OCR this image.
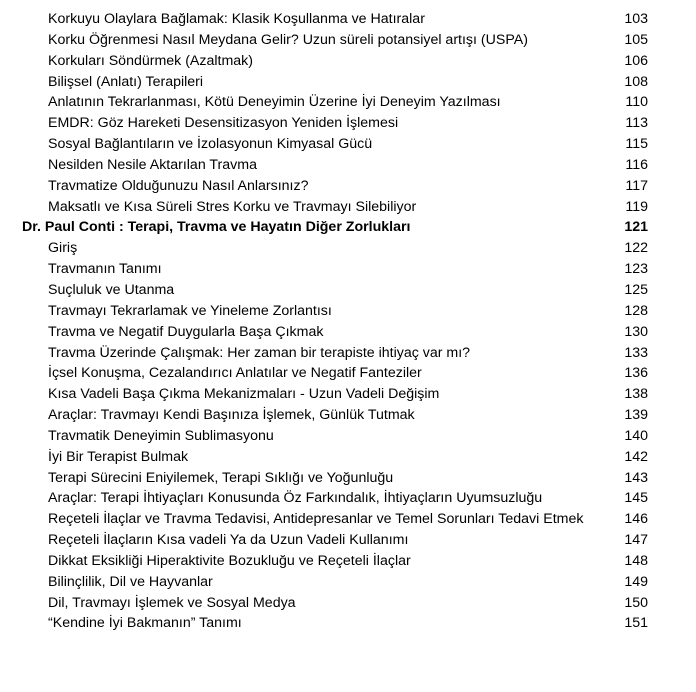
Korkuyu Olaylara Bağlamak: Klasik Koşullanma ve Hatıralar	103
Korku Öğrenmesi Nasıl Meydana Gelir? Uzun süreli potansiyel artışı (USPA)	105
Korkuları Söndürmek (Azaltmak)	106
Bilişsel (Anlatı) Terapileri	108
Anlatının Tekrarlanması, Kötü Deneyimin Üzerine İyi Deneyim Yazılması	110
EMDR: Göz Hareketi Desensitizasyon Yeniden İşlemesi	113
Sosyal Bağlantıların ve İzolasyonun Kimyasal Gücü	115
Nesilden Nesile Aktarılan Travma	116
Travmatize Olduğunuzu Nasıl Anlarsınız?	117
Maksatlı ve Kısa Süreli Stres Korku ve Travmayı Silebiliyor	119
Dr. Paul Conti : Terapi, Travma ve Hayatın Diğer Zorlukları	121
Giriş	122
Travmanın Tanımı	123
Suçluluk ve Utanma	125
Travmayı Tekrarlamak ve Yineleme Zorlantısı	128
Travma ve Negatif Duygularla Başa Çıkmak	130
Travma Üzerinde Çalışmak: Her zaman bir terapiste ihtiyaç var mı?	133
İçsel Konuşma, Cezalandırıcı Anlatılar ve Negatif Fanteziler	136
Kısa Vadeli Başa Çıkma Mekanizmaları - Uzun Vadeli Değişim	138
Araçlar: Travmayı Kendi Başınıza İşlemek, Günlük Tutmak	139
Travmatik Deneyimin Sublimasyonu	140
İyi Bir Terapist Bulmak	142
Terapi Sürecini Eniyilemek, Terapi Sıklığı ve Yoğunluğu	143
Araçlar: Terapi İhtiyaçları Konusunda Öz Farkındalık, İhtiyaçların Uyumsuzluğu	145
Reçeteli İlaçlar ve Travma Tedavisi, Antidepresanlar ve Temel Sorunları Tedavi Etmek	146
Reçeteli İlaçların Kısa vadeli Ya da Uzun Vadeli Kullanımı	147
Dikkat Eksikliği Hiperaktivite Bozukluğu ve Reçeteli İlaçlar	148
Bilinçlilik, Dil ve Hayvanlar	149
Dil, Travmayı İşlemek ve Sosyal Medya	150
“Kendine İyi Bakmanın” Tanımı	151
